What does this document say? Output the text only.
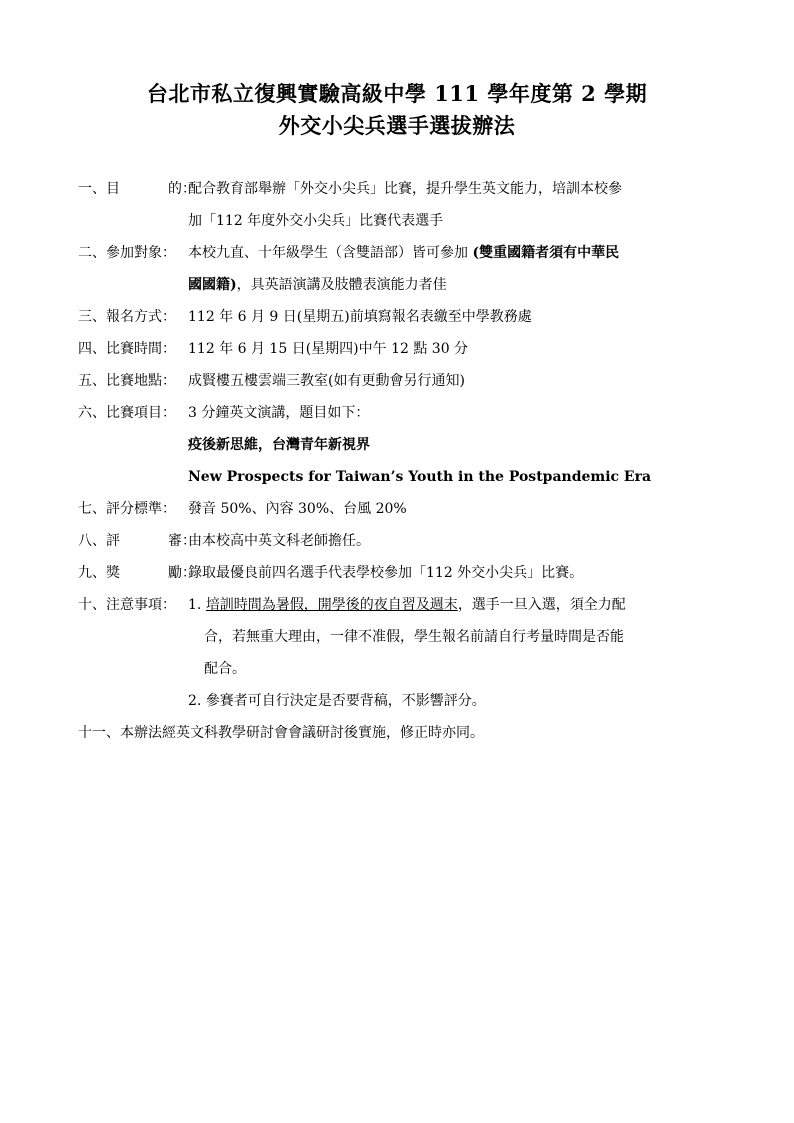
台北市私立復興實驗高級中學 111 學年度第 2 學期
外交小尖兵選手選拔辦法
一、目	的：
配合教育部舉辦「外交小尖兵」比賽，提升學生英文能力，培訓本校參
加「112 年度外交小尖兵」比賽代表選手
二、參加對象： 本校九直、十年級學生（含雙語部）皆可參加 (雙重國籍者須有中華民
國國籍)，具英語演講及肢體表演能力者佳
三、報名方式： 112 年 6 月 9 日(星期五)前填寫報名表繳至中學教務處
四、比賽時間： 112 年 6 月 15 日(星期四)中午 12 點 30 分
五、比賽地點： 成賢樓五樓雲端三教室(如有更動會另行通知)
六、比賽項目： 3 分鐘英文演講，題目如下：
疫後新思維，台灣青年新視界
New Prospects for Taiwan’s Youth in the Postpandemic Era
七、評分標準： 發音 50%、內容 30%、台風 20%
八、評	審：
由本校高中英文科老師擔任。
九、獎	勵：
錄取最優良前四名選手代表學校參加「112 外交小尖兵」比賽。
十、注意事項： 1. 培訓時間為暑假，開學後的夜自習及週末，選手一旦入選，須全力配
合，若無重大理由，一律不准假，學生報名前請自行考量時間是否能
配合。
2. 參賽者可自行決定是否要背稿，不影響評分。
十一、本辦法經英文科教學研討會會議研討後實施，修正時亦同。
